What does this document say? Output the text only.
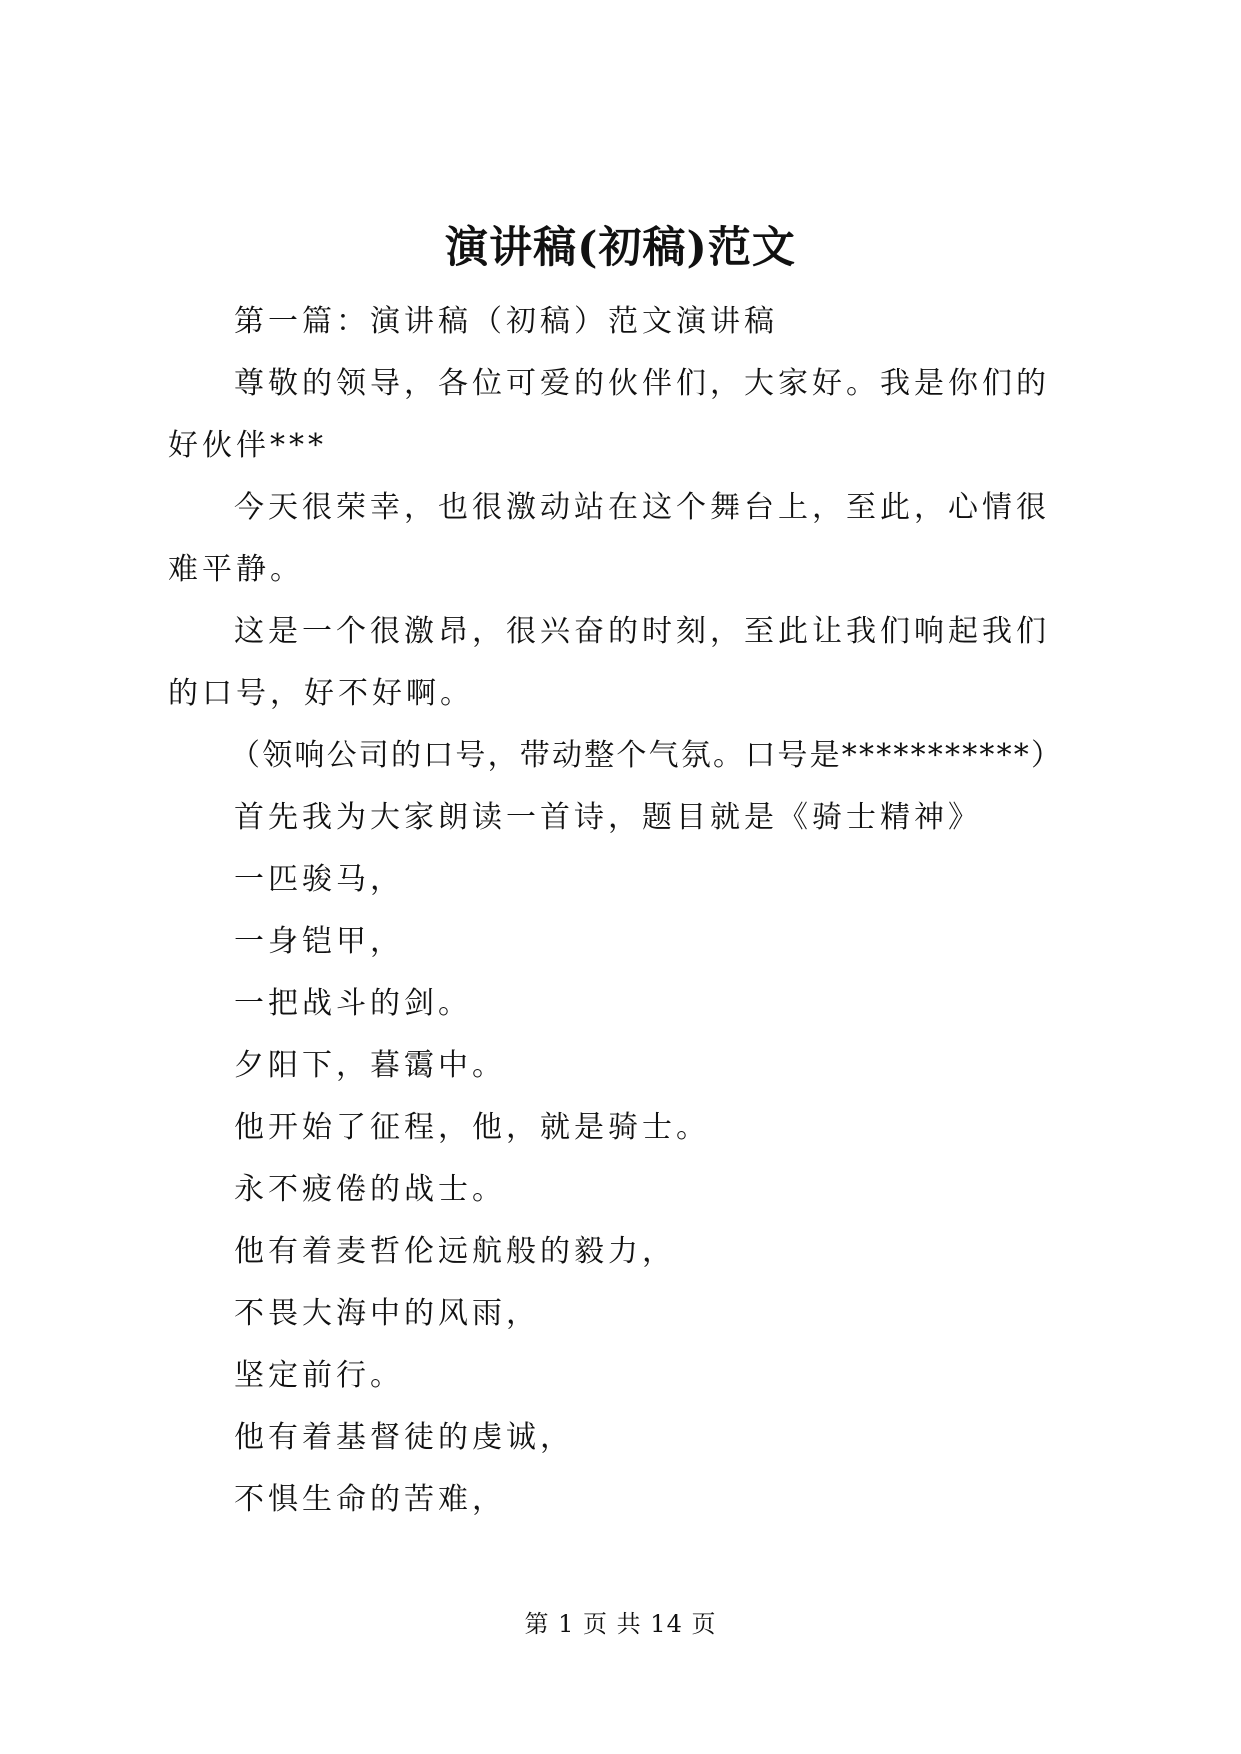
演讲稿(初稿)范文

第一篇：演讲稿（初稿）范文演讲稿

尊敬的领导，各位可爱的伙伴们，大家好。我是你们的好伙伴***

今天很荣幸，也很激动站在这个舞台上，至此，心情很难平静。

这是一个很激昂，很兴奋的时刻，至此让我们响起我们的口号，好不好啊。

（领响公司的口号，带动整个气氛。口号是***********）

首先我为大家朗读一首诗，题目就是《骑士精神》

一匹骏马，

一身铠甲，

一把战斗的剑。

夕阳下，暮霭中。

他开始了征程，他，就是骑士。

永不疲倦的战士。

他有着麦哲伦远航般的毅力，

不畏大海中的风雨，

坚定前行。

他有着基督徒的虔诚，

不惧生命的苦难，

第 1 页 共 14 页
